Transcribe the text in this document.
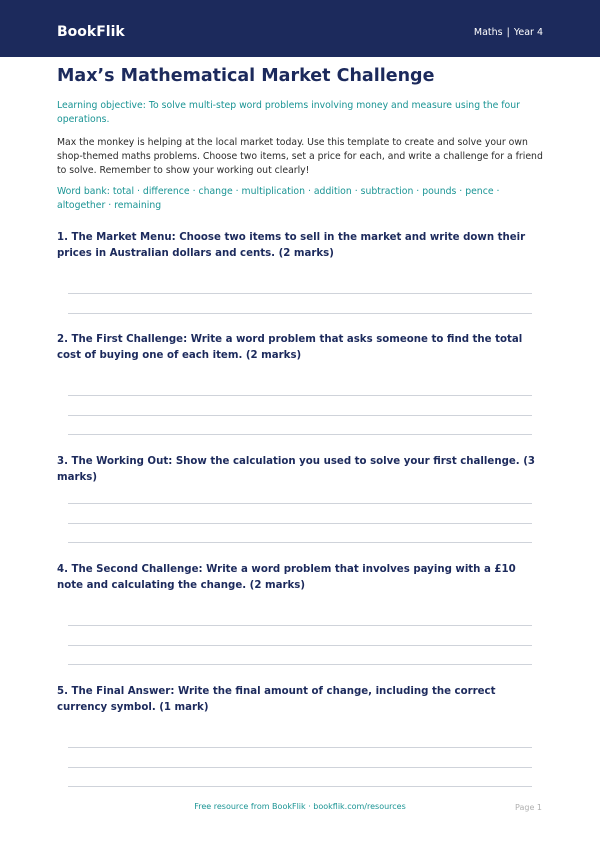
BookFlik	Maths | Year 4
Max’s Mathematical Market Challenge
Learning objective: To solve multi-step word problems involving money and measure using the four operations.
Max the monkey is helping at the local market today. Use this template to create and solve your own shop-themed maths problems. Choose two items, set a price for each, and write a challenge for a friend to solve. Remember to show your working out clearly!
Word bank: total · difference · change · multiplication · addition · subtraction · pounds · pence · altogether · remaining
1. The Market Menu: Choose two items to sell in the market and write down their prices in Australian dollars and cents. (2 marks)
2. The First Challenge: Write a word problem that asks someone to find the total cost of buying one of each item. (2 marks)
3. The Working Out: Show the calculation you used to solve your first challenge. (3 marks)
4. The Second Challenge: Write a word problem that involves paying with a £10 note and calculating the change. (2 marks)
5. The Final Answer: Write the final amount of change, including the correct currency symbol. (1 mark)
Free resource from BookFlik · bookflik.com/resources	Page 1
